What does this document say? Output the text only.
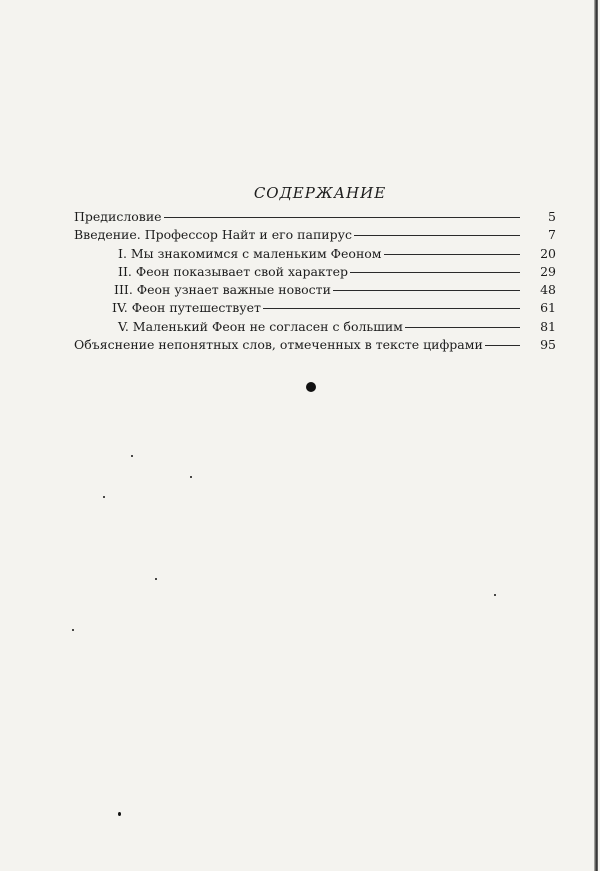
СОДЕРЖАНИЕ
Предисловие	5
Введение. Профессор Найт и его папирус	7
I. Мы знакомимся с маленьким Феоном	20
II. Феон показывает свой характер	29
III. Феон узнает важные новости	48
IV. Феон путешествует	61
V. Маленький Феон не согласен с большим	81
Объяснение непонятных слов, отмеченных в тексте цифрами	95
